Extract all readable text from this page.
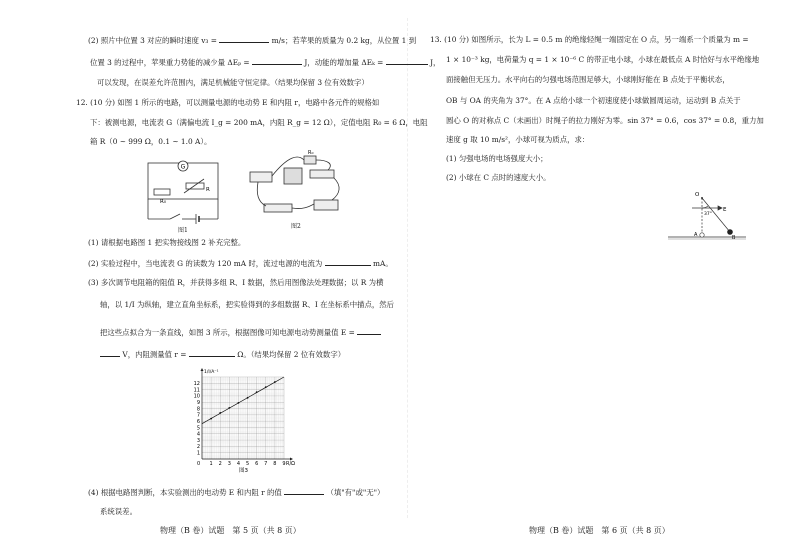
(2) 照片中位置 3 对应的瞬时速度 v₃ =	m/s；若苹果的质量为 0.2 kg，从位置 1 到
位置 3 的过程中，苹果重力势能的减少量 ΔEₚ =	J，动能的增加量 ΔEₖ =	J，
可以发现，在误差允许范围内，满足机械能守恒定律。（结果均保留 3 位有效数字）
12. (10 分) 如图 1 所示的电路，可以测量电源的电动势 E 和内阻 r，电路中各元件的规格如
下：被测电源，电流表 G（满偏电流 I_g = 200 mA，内阻 R_g = 12 Ω），定值电阻 R₀ = 6 Ω，电阻
箱 R（0 ~ 999 Ω，0.1 ~ 1.0 A）。
G
R₀
R
图1
R₀
图2
(1) 请根据电路图 1 把实物接线图 2 补充完整。
(2) 实验过程中，当电流表 G 的读数为 120 mA 时，流过电源的电流为	mA。
(3) 多次调节电阻箱的阻值 R，并获得多组 R、I 数据，然后用图像法处理数据；以 R 为横
轴，以 1/I 为纵轴，建立直角坐标系，把实验得到的多组数据 R、I 在坐标系中描点，然后
把这些点拟合为一条直线，如图 3 所示，根据图像可知电源电动势测量值 E =
V，内阻测量值 r =	Ω。（结果均保留 2 位有效数字）
1 2 3 4 5 6 7 8 9
1
2
3
4
5
6
7
8
9
10
11
12
R/Ω
1/I/A⁻¹
0
图3
(4) 根据电路图判断，本实验测出的电动势 E 和内阻 r 的值	（填"有"或"无"）
系统误差。
物理（B 卷）试题　第 5 页（共 8 页）
13. (10 分) 如图所示，长为 L = 0.5 m 的绝缘轻绳一端固定在 O 点，另一端系一个质量为 m =
1 × 10⁻³ kg，电荷量为 q = 1 × 10⁻⁶ C 的带正电小球，小球在最低点 A 时恰好与水平绝缘地
面接触但无压力。水平向右的匀强电场范围足够大，小球刚好能在 B 点处于平衡状态，
OB 与 OA 的夹角为 37°。在 A 点给小球一个初速度使小球做圆周运动，运动到 B 点关于
圆心 O 的对称点 C（未画出）时绳子的拉力刚好为零。sin 37° = 0.6，cos 37° = 0.8，重力加
速度 g 取 10 m/s²，小球可视为质点，求：
(1) 匀强电场的电场强度大小；
(2) 小球在 C 点时的速度大小。
O
37°
E
A	B
物理（B 卷）试题　第 6 页（共 8 页）
